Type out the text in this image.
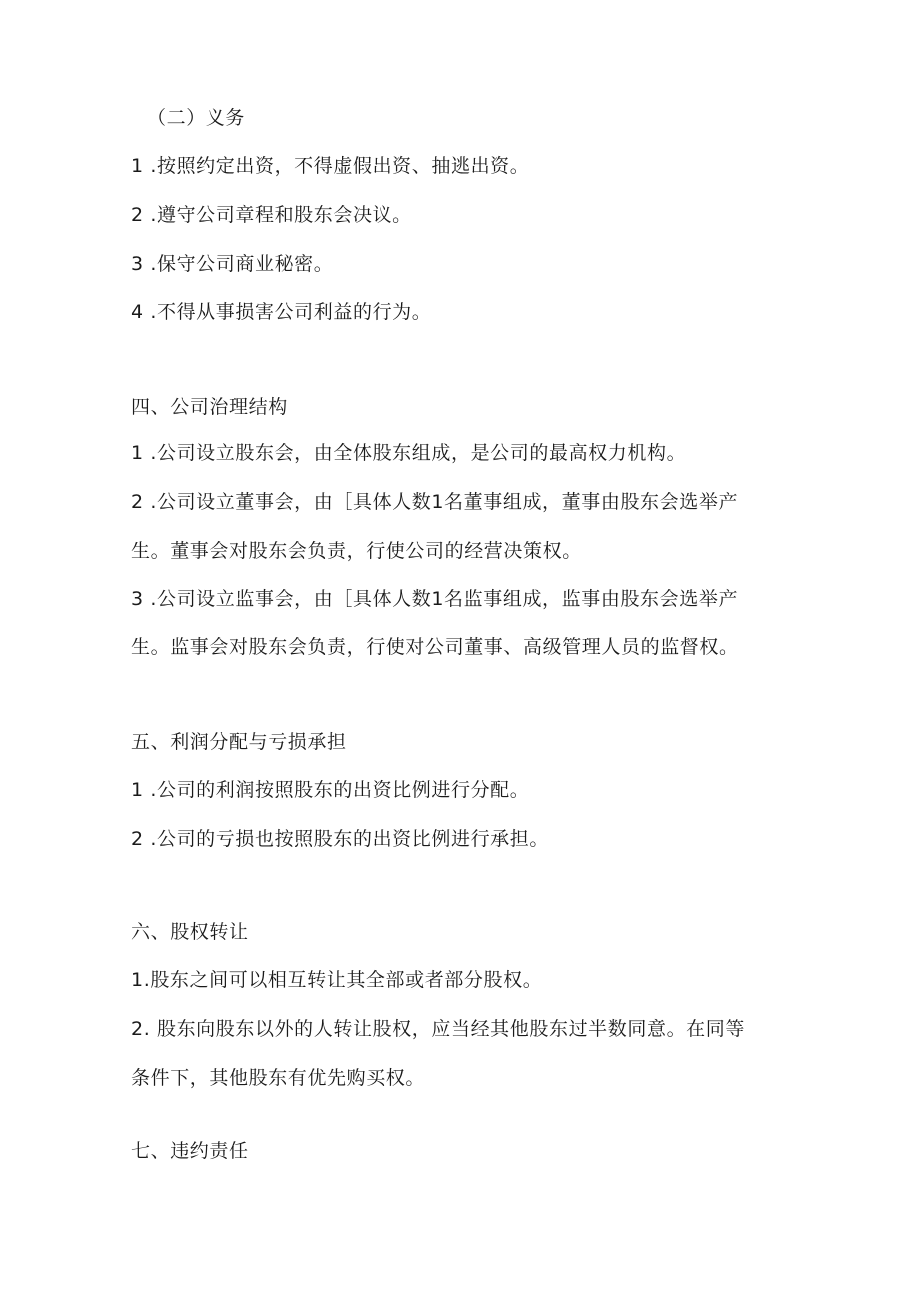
（二）义务
1 .按照约定出资，不得虚假出资、抽逃出资。
2 .遵守公司章程和股东会决议。
3 .保守公司商业秘密。
4 .不得从事损害公司利益的行为。
四、公司治理结构
1 .公司设立股东会，由全体股东组成，是公司的最高权力机构。
2 .公司设立董事会，由［具体人数1名董事组成，董事由股东会选举产
生。董事会对股东会负责，行使公司的经营决策权。
3 .公司设立监事会，由［具体人数1名监事组成，监事由股东会选举产
生。监事会对股东会负责，行使对公司董事、高级管理人员的监督权。
五、利润分配与亏损承担
1 .公司的利润按照股东的出资比例进行分配。
2 .公司的亏损也按照股东的出资比例进行承担。
六、股权转让
1.股东之间可以相互转让其全部或者部分股权。
2. 股东向股东以外的人转让股权，应当经其他股东过半数同意。在同等
条件下，其他股东有优先购买权。
七、违约责任
